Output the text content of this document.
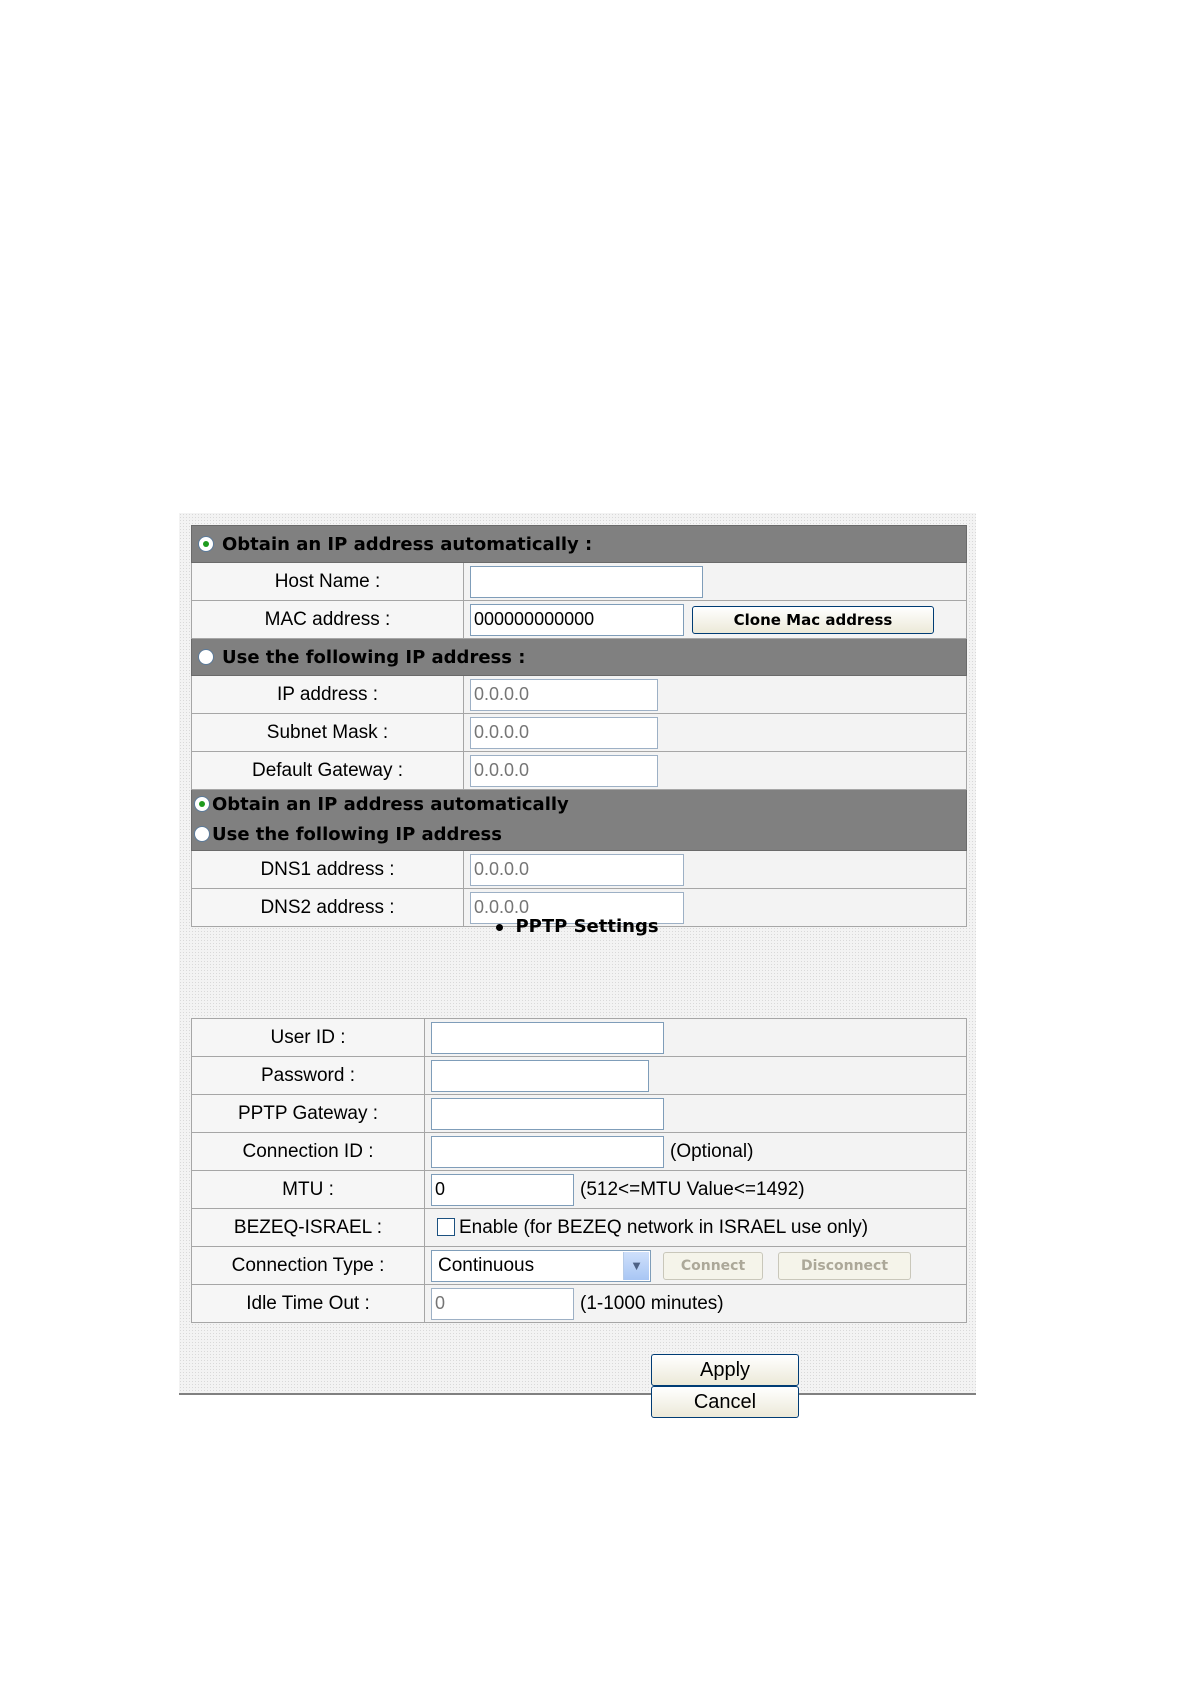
Obtain an IP address automatically :	
Host Name :	
MAC address :	000000000000Clone Mac address
Use the following IP address :	
IP address :	0.0.0.0
Subnet Mask :	0.0.0.0
Default Gateway :	0.0.0.0

Obtain an IP address automatically
Use the following IP address	

DNS1 address :	0.0.0.0
DNS2 address :	0.0.0.0
PPTP Settings
User ID :	
Password :	
PPTP Gateway :	
Connection ID :	(Optional)
MTU :	0(512<=MTU Value<=1492)
BEZEQ-ISRAEL :	Enable (for BEZEQ network in ISRAEL use only)
Connection Type :	Continuous ▼ Connect Disconnect
Idle Time Out :	0(1-1000 minutes)
ApplyCancel
